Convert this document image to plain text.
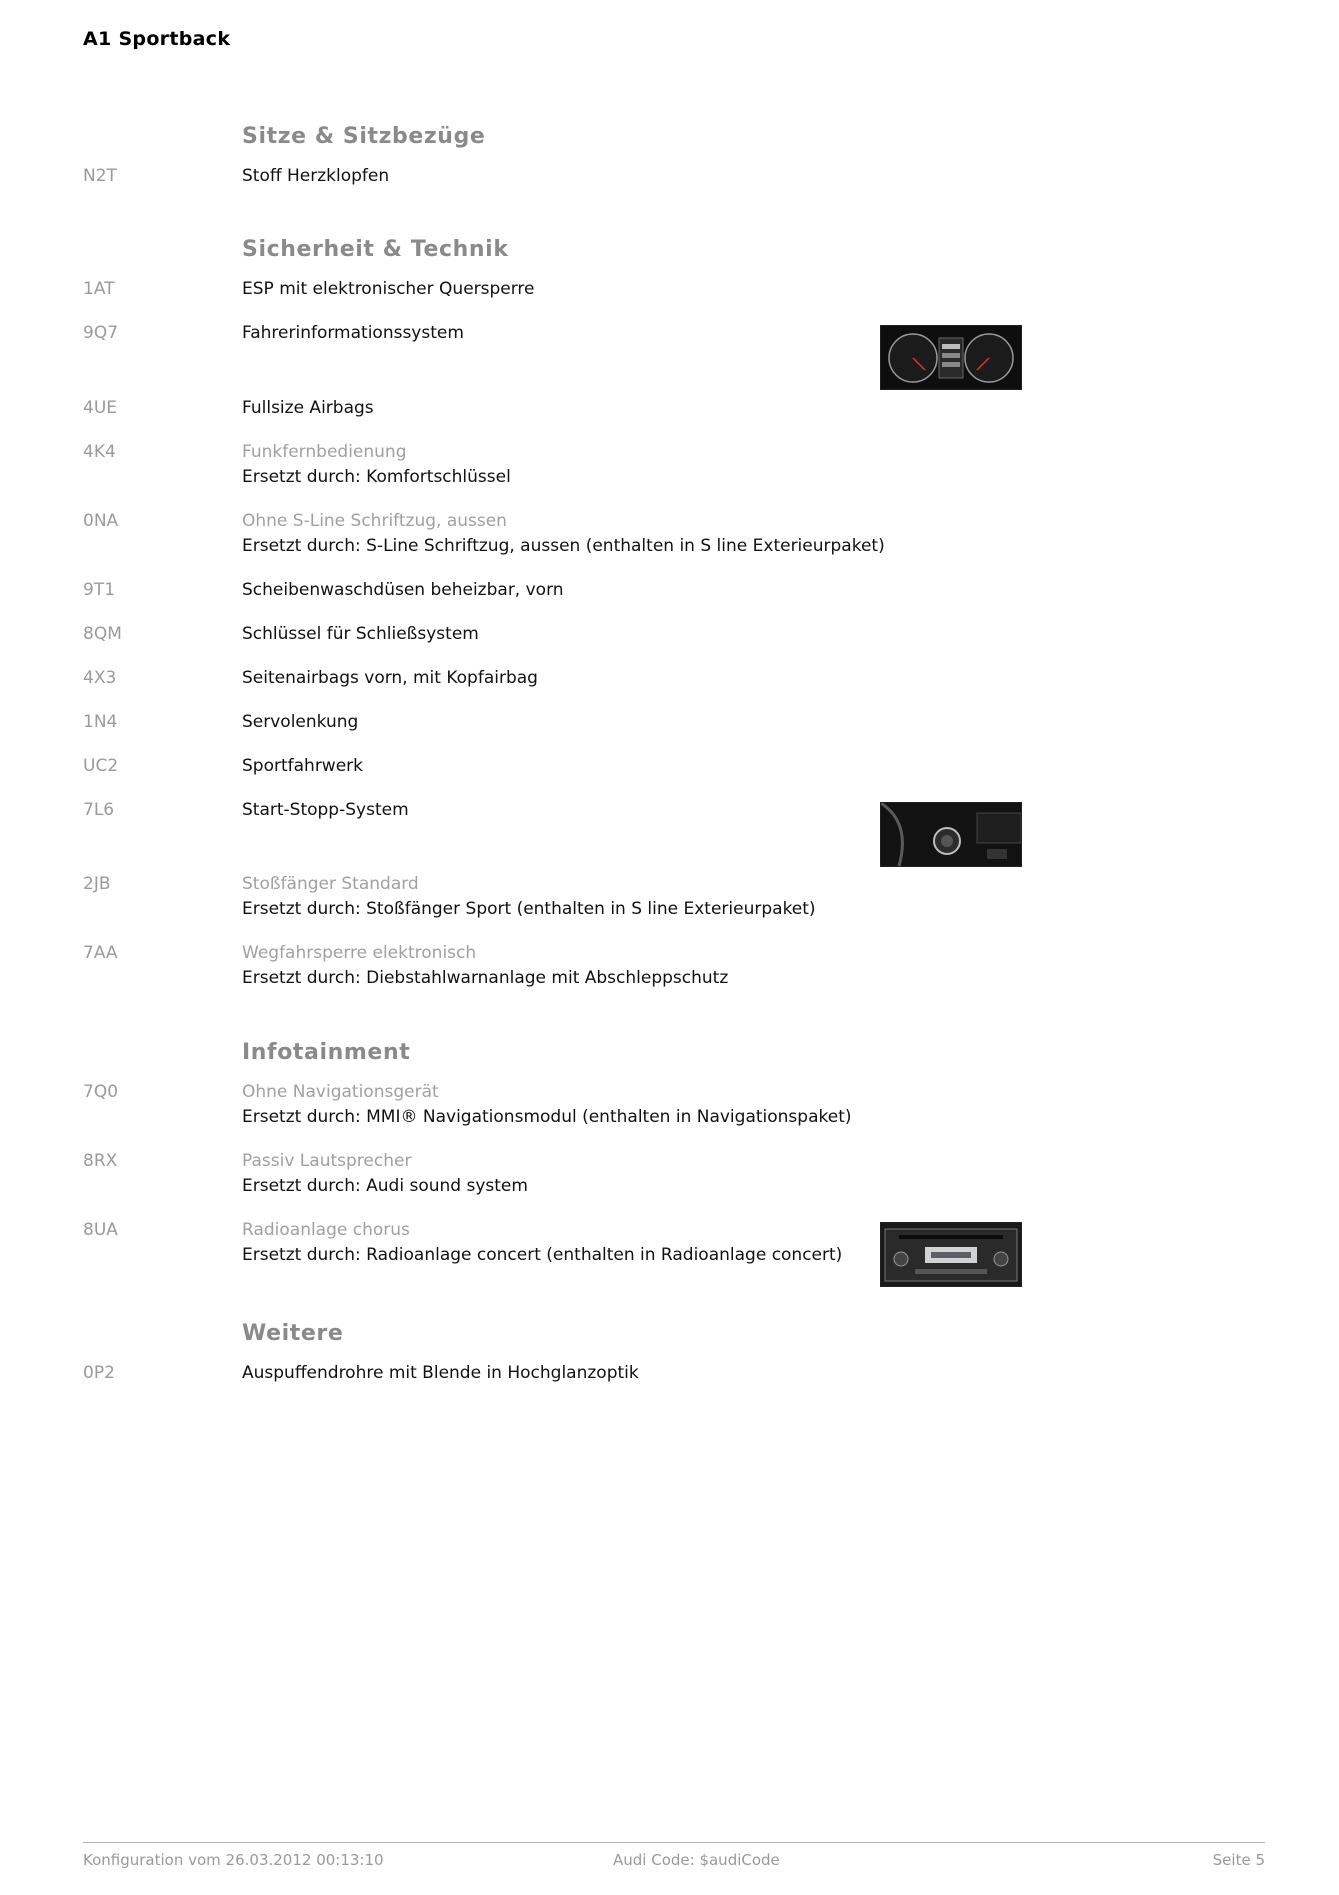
A1 Sportback
Sitze & Sitzbezüge
N2T	Stoff Herzklopfen
Sicherheit & Technik
1AT	ESP mit elektronischer Quersperre
9Q7	Fahrerinformationssystem
4UE	Fullsize Airbags
4K4	Funkfernbedienung
Ersetzt durch: Komfortschlüssel
0NA	Ohne S-Line Schriftzug, aussen
Ersetzt durch: S-Line Schriftzug, aussen (enthalten in S line Exterieurpaket)
9T1	Scheibenwaschdüsen beheizbar, vorn
8QM	Schlüssel für Schließsystem
4X3	Seitenairbags vorn, mit Kopfairbag
1N4	Servolenkung
UC2	Sportfahrwerk
7L6	Start-Stopp-System
2JB	Stoßfänger Standard
Ersetzt durch: Stoßfänger Sport (enthalten in S line Exterieurpaket)
7AA	Wegfahrsperre elektronisch
Ersetzt durch: Diebstahlwarnanlage mit Abschleppschutz
Infotainment
7Q0	Ohne Navigationsgerät
Ersetzt durch: MMI® Navigationsmodul (enthalten in Navigationspaket)
8RX	Passiv Lautsprecher
Ersetzt durch: Audi sound system
8UA	Radioanlage chorus
Ersetzt durch: Radioanlage concert (enthalten in Radioanlage concert)
Weitere
0P2	Auspuffendrohre mit Blende in Hochglanzoptik
Konfiguration vom 26.03.2012 00:13:10	Audi Code: $audiCode	Seite 5
